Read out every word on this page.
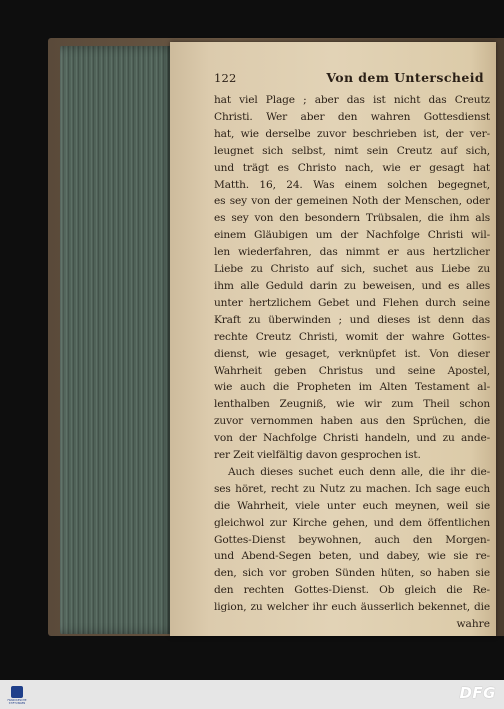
122	Von dem Unterscheid
hat viel Plage ; aber das ist nicht das Creutz
Christi. Wer aber den wahren Gottesdienst
hat, wie derselbe zuvor beschrieben ist, der ver-
leugnet sich selbst, nimt sein Creutz auf sich,
und trägt es Christo nach, wie er gesagt hat
Matth. 16, 24. Was einem solchen begegnet,
es sey von der gemeinen Noth der Menschen, oder
es sey von den besondern Trübsalen, die ihm als
einem Gläubigen um der Nachfolge Christi wil-
len wiederfahren, das nimmt er aus hertzlicher
Liebe zu Christo auf sich, suchet aus Liebe zu
ihm alle Geduld darin zu beweisen, und es alles
unter hertzlichem Gebet und Flehen durch seine
Kraft zu überwinden ; und dieses ist denn das
rechte Creutz Christi, womit der wahre Gottes-
dienst, wie gesaget, verknüpfet ist. Von dieser
Wahrheit geben Christus und seine Apostel,
wie auch die Propheten im Alten Testament al-
lenthalben Zeugniß, wie wir zum Theil schon
zuvor vernommen haben aus den Sprüchen, die
von der Nachfolge Christi handeln, und zu ande-
rer Zeit vielfältig davon gesprochen ist.
Auch dieses suchet euch denn alle, die ihr die-
ses höret, recht zu Nutz zu machen. Ich sage euch
die Wahrheit, viele unter euch meynen, weil sie
gleichwol zur Kirche gehen, und dem öffentlichen
Gottes-Dienst beywohnen, auch den Morgen-
und Abend-Segen beten, und dabey, wie sie re-
den, sich vor groben Sünden hüten, so haben sie
den rechten Gottes-Dienst. Ob gleich die Re-
ligion, zu welcher ihr euch äusserlich bekennet, die
wahre
FRANCKESCHE STIFTUNGEN
DFG
